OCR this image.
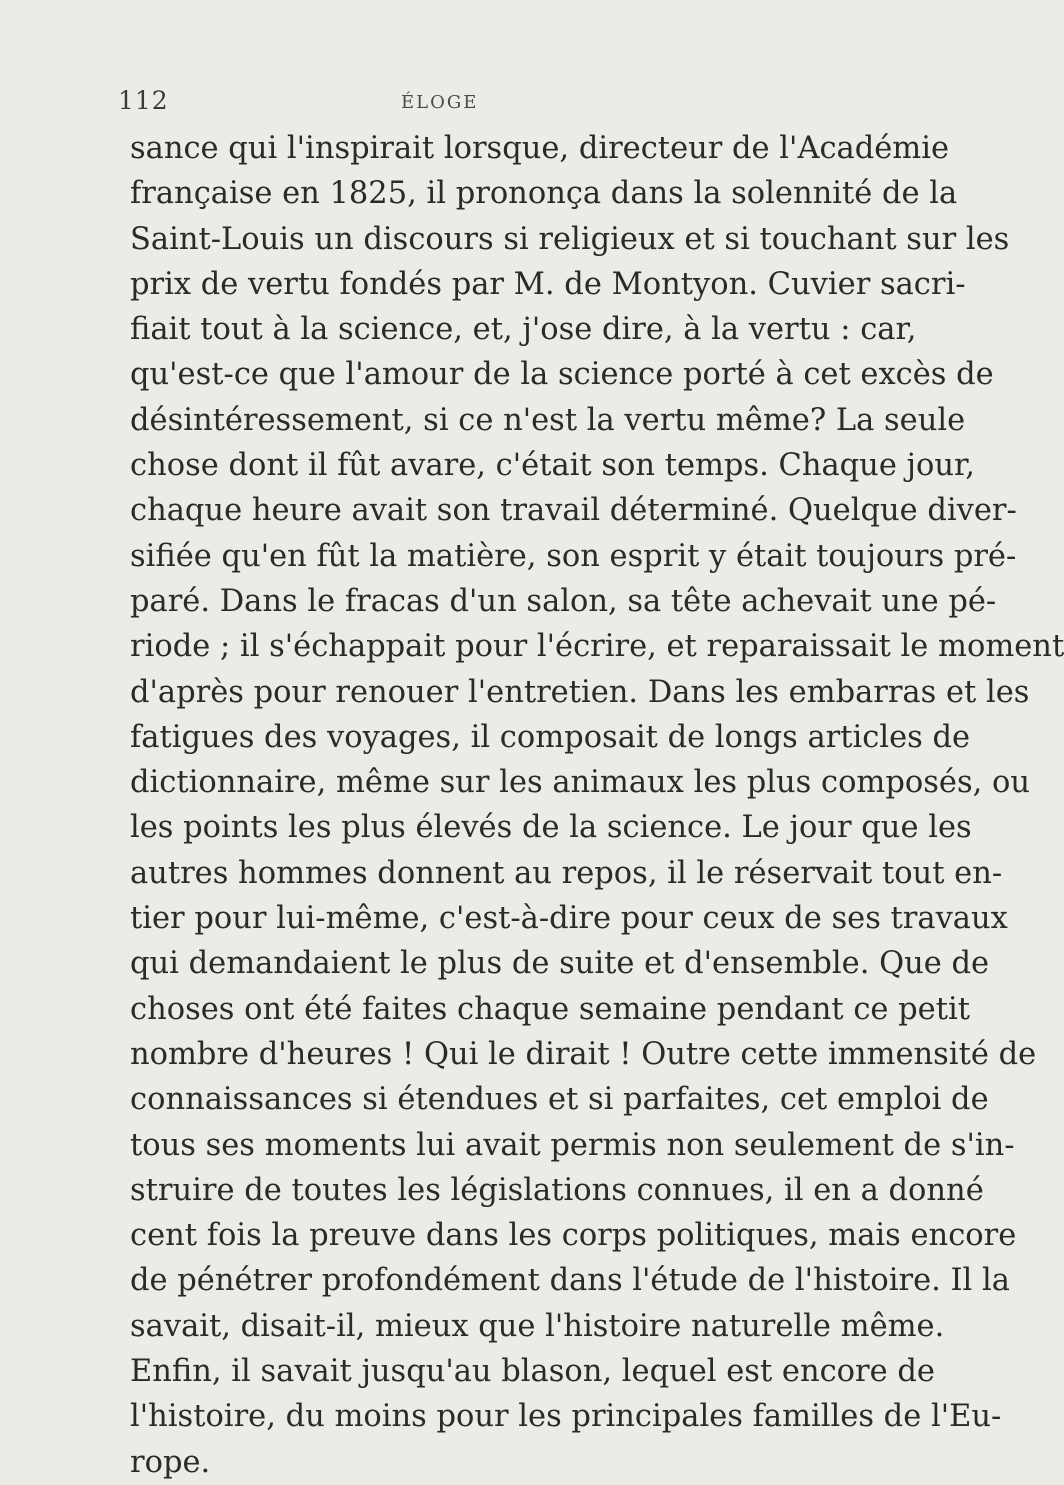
112	ÉLOGE
sance qui l'inspirait lorsque, directeur de l'Académie
française en 1825, il prononça dans la solennité de la
Saint-Louis un discours si religieux et si touchant sur les
prix de vertu fondés par M. de Montyon. Cuvier sacri-
fiait tout à la science, et, j'ose dire, à la vertu : car,
qu'est-ce que l'amour de la science porté à cet excès de
désintéressement, si ce n'est la vertu même? La seule
chose dont il fût avare, c'était son temps. Chaque jour,
chaque heure avait son travail déterminé. Quelque diver-
sifiée qu'en fût la matière, son esprit y était toujours pré-
paré. Dans le fracas d'un salon, sa tête achevait une pé-
riode ; il s'échappait pour l'écrire, et reparaissait le moment
d'après pour renouer l'entretien. Dans les embarras et les
fatigues des voyages, il composait de longs articles de
dictionnaire, même sur les animaux les plus composés, ou
les points les plus élevés de la science. Le jour que les
autres hommes donnent au repos, il le réservait tout en-
tier pour lui-même, c'est-à-dire pour ceux de ses travaux
qui demandaient le plus de suite et d'ensemble. Que de
choses ont été faites chaque semaine pendant ce petit
nombre d'heures ! Qui le dirait ! Outre cette immensité de
connaissances si étendues et si parfaites, cet emploi de
tous ses moments lui avait permis non seulement de s'in-
struire de toutes les législations connues, il en a donné
cent fois la preuve dans les corps politiques, mais encore
de pénétrer profondément dans l'étude de l'histoire. Il la
savait, disait-il, mieux que l'histoire naturelle même.
Enfin, il savait jusqu'au blason, lequel est encore de
l'histoire, du moins pour les principales familles de l'Eu-
rope.
